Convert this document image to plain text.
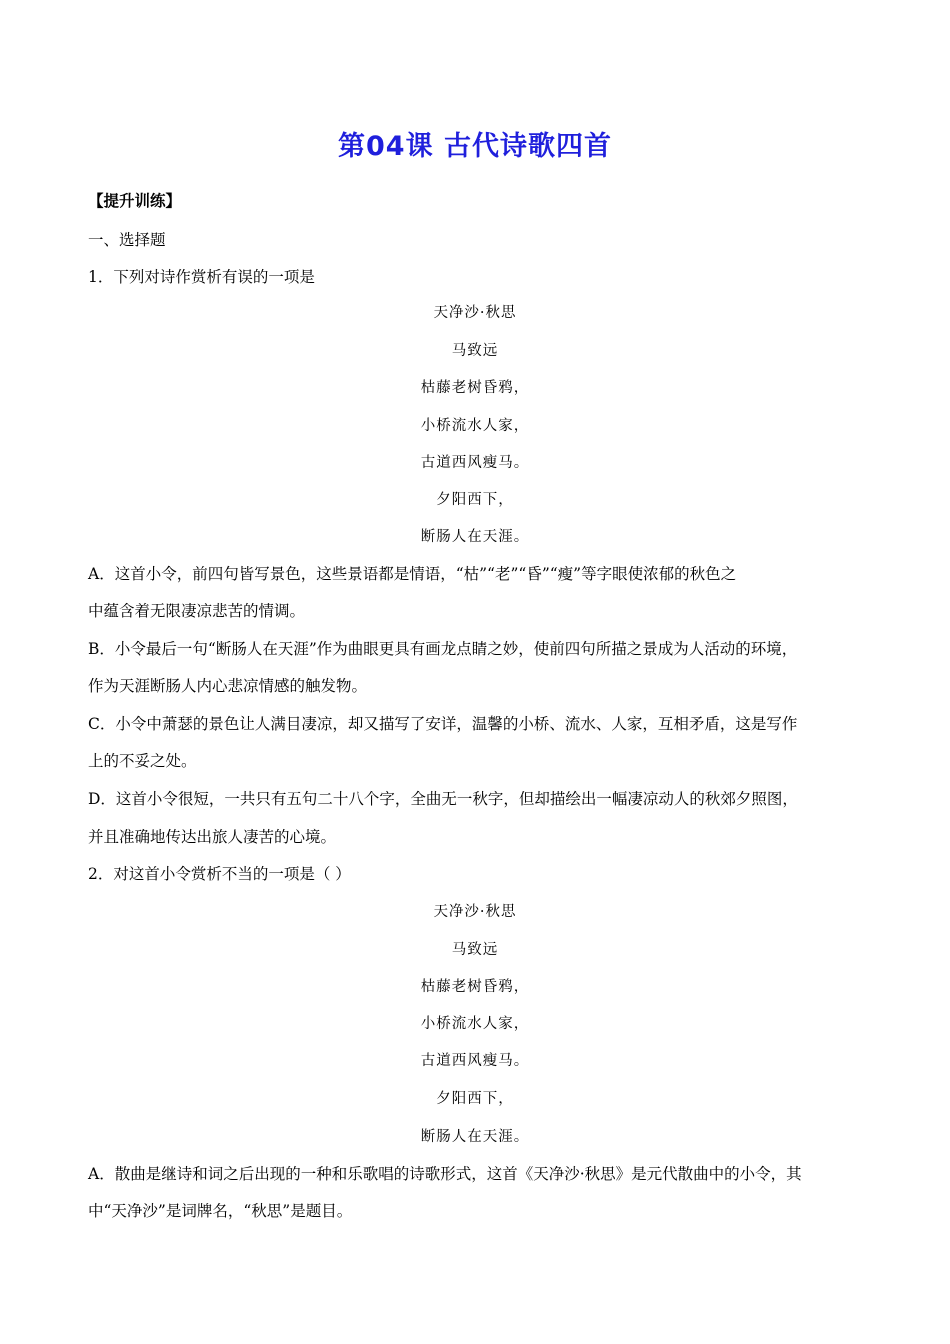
第04课 古代诗歌四首
【提升训练】
一、选择题
1．下列对诗作赏析有误的一项是
天净沙·秋思
马致远
枯藤老树昏鸦，
小桥流水人家，
古道西风瘦马。
夕阳西下，
断肠人在天涯。
A．这首小令，前四句皆写景色，这些景语都是情语，“枯”“老”“昏”“瘦”等字眼使浓郁的秋色之
中蕴含着无限凄凉悲苦的情调。
B．小令最后一句“断肠人在天涯”作为曲眼更具有画龙点睛之妙，使前四句所描之景成为人活动的环境，
作为天涯断肠人内心悲凉情感的触发物。
C．小令中萧瑟的景色让人满目凄凉，却又描写了安详，温馨的小桥、流水、人家，互相矛盾，这是写作
上的不妥之处。
D．这首小令很短，一共只有五句二十八个字，全曲无一秋字，但却描绘出一幅凄凉动人的秋郊夕照图，
并且准确地传达出旅人凄苦的心境。
2．对这首小令赏析不当的一项是（ ）
天净沙·秋思
马致远
枯藤老树昏鸦，
小桥流水人家，
古道西风瘦马。
夕阳西下，
断肠人在天涯。
A．散曲是继诗和词之后出现的一种和乐歌唱的诗歌形式，这首《天净沙·秋思》是元代散曲中的小令，其
中“天净沙”是词牌名，“秋思”是题目。
